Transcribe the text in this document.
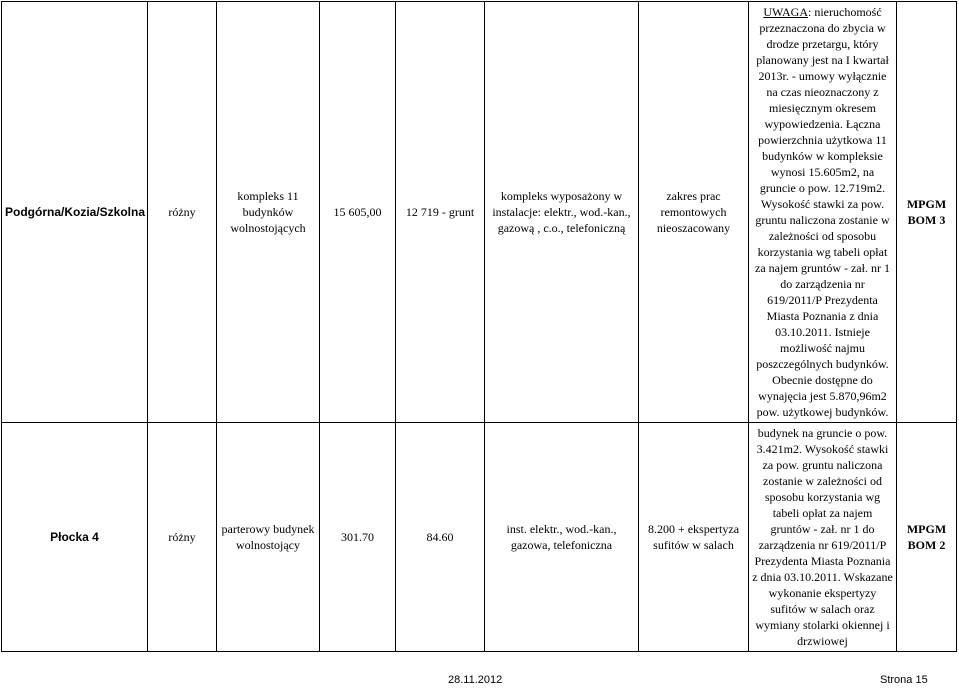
Podgórna/Kozia/Szkolna	różny	kompleks 11 budynków wolnostojących	15 605,00	12 719 - grunt	kompleks wyposażony w instalacje: elektr., wod.-kan., gazową , c.o., telefoniczną	zakres prac remontowych nieoszacowany	UWAGA: nieruchomość przeznaczona do zbycia w drodze przetargu, który planowany jest na I kwartał 2013r. - umowy wyłącznie na czas nieoznaczony z miesięcznym okresem wypowiedzenia. Łączna powierzchnia użytkowa 11 budynków w kompleksie wynosi 15.605m2, na gruncie o pow. 12.719m2. Wysokość stawki za pow. gruntu naliczona zostanie w zależności od sposobu korzystania wg tabeli opłat za najem gruntów - zał. nr 1 do zarządzenia nr 619/2011/P Prezydenta Miasta Poznania z dnia 03.10.2011. Istnieje możliwość najmu poszczególnych budynków. Obecnie dostępne do wynajęcia jest 5.870,96m2 pow. użytkowej budynków.	MPGM BOM 3
Płocka 4	różny	parterowy budynek wolnostojący	301.70	84.60	inst. elektr., wod.-kan., gazowa, telefoniczna	8.200 + ekspertyza sufitów w salach	budynek na gruncie o pow. 3.421m2. Wysokość stawki za pow. gruntu naliczona zostanie w zależności od sposobu korzystania wg tabeli opłat za najem gruntów - zał. nr 1 do zarządzenia nr 619/2011/P Prezydenta Miasta Poznania z dnia 03.10.2011. Wskazane wykonanie ekspertyzy sufitów w salach oraz wymiany stolarki okiennej i drzwiowej	MPGM BOM 2
28.11.2012	Strona 15
